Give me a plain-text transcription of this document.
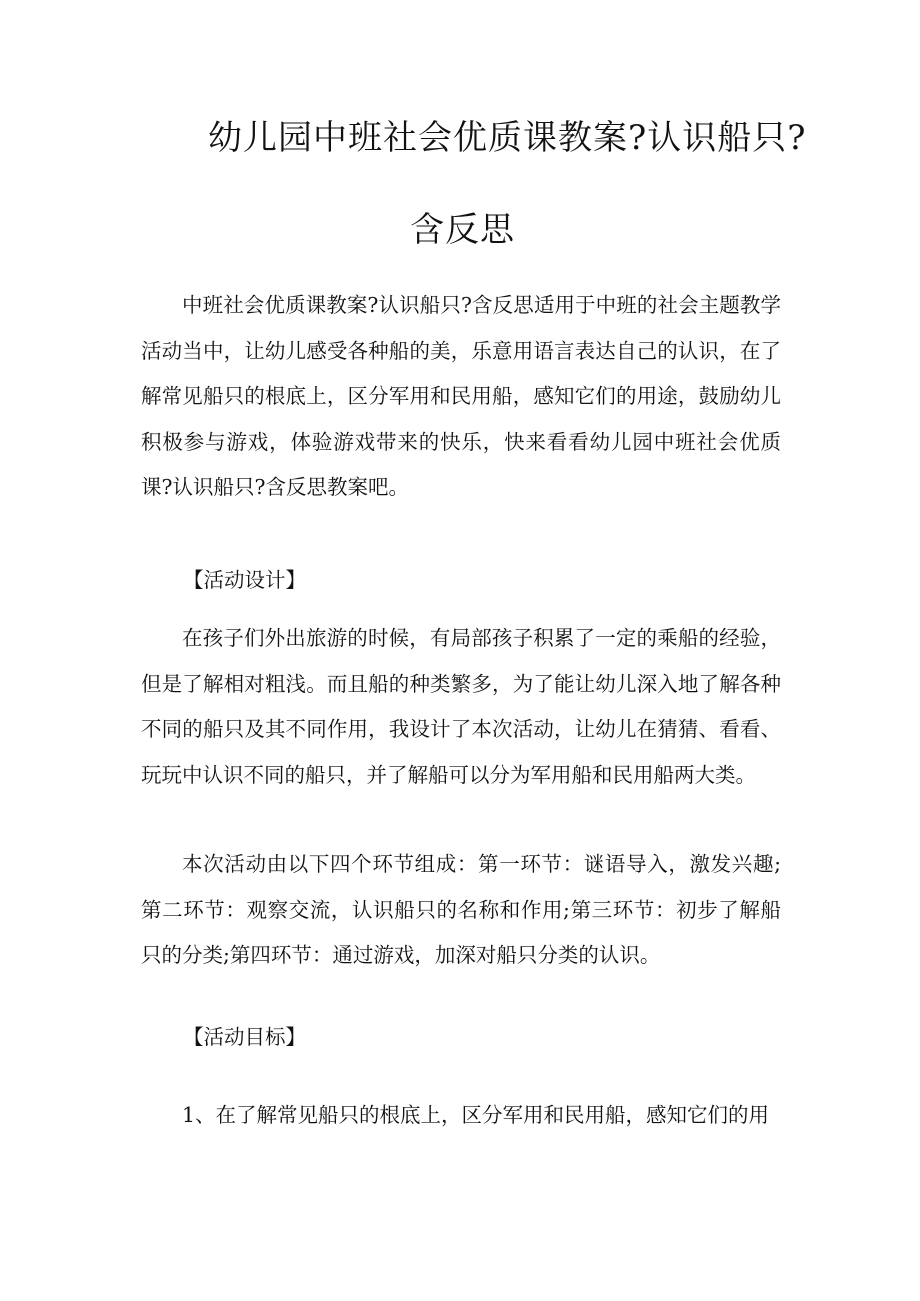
幼儿园中班社会优质课教案?认识船只?
含反思
中班社会优质课教案?认识船只?含反思适用于中班的社会主题教学活动当中，让幼儿感受各种船的美，乐意用语言表达自己的认识，在了解常见船只的根底上，区分军用和民用船，感知它们的用途，鼓励幼儿积极参与游戏，体验游戏带来的快乐，快来看看幼儿园中班社会优质课?认识船只?含反思教案吧。
【活动设计】
在孩子们外出旅游的时候，有局部孩子积累了一定的乘船的经验，但是了解相对粗浅。而且船的种类繁多，为了能让幼儿深入地了解各种不同的船只及其不同作用，我设计了本次活动，让幼儿在猜猜、看看、玩玩中认识不同的船只，并了解船可以分为军用船和民用船两大类。
本次活动由以下四个环节组成：第一环节：谜语导入，激发兴趣;第二环节：观察交流，认识船只的名称和作用;第三环节：初步了解船只的分类;第四环节：通过游戏，加深对船只分类的认识。
【活动目标】
1、在了解常见船只的根底上，区分军用和民用船，感知它们的用
